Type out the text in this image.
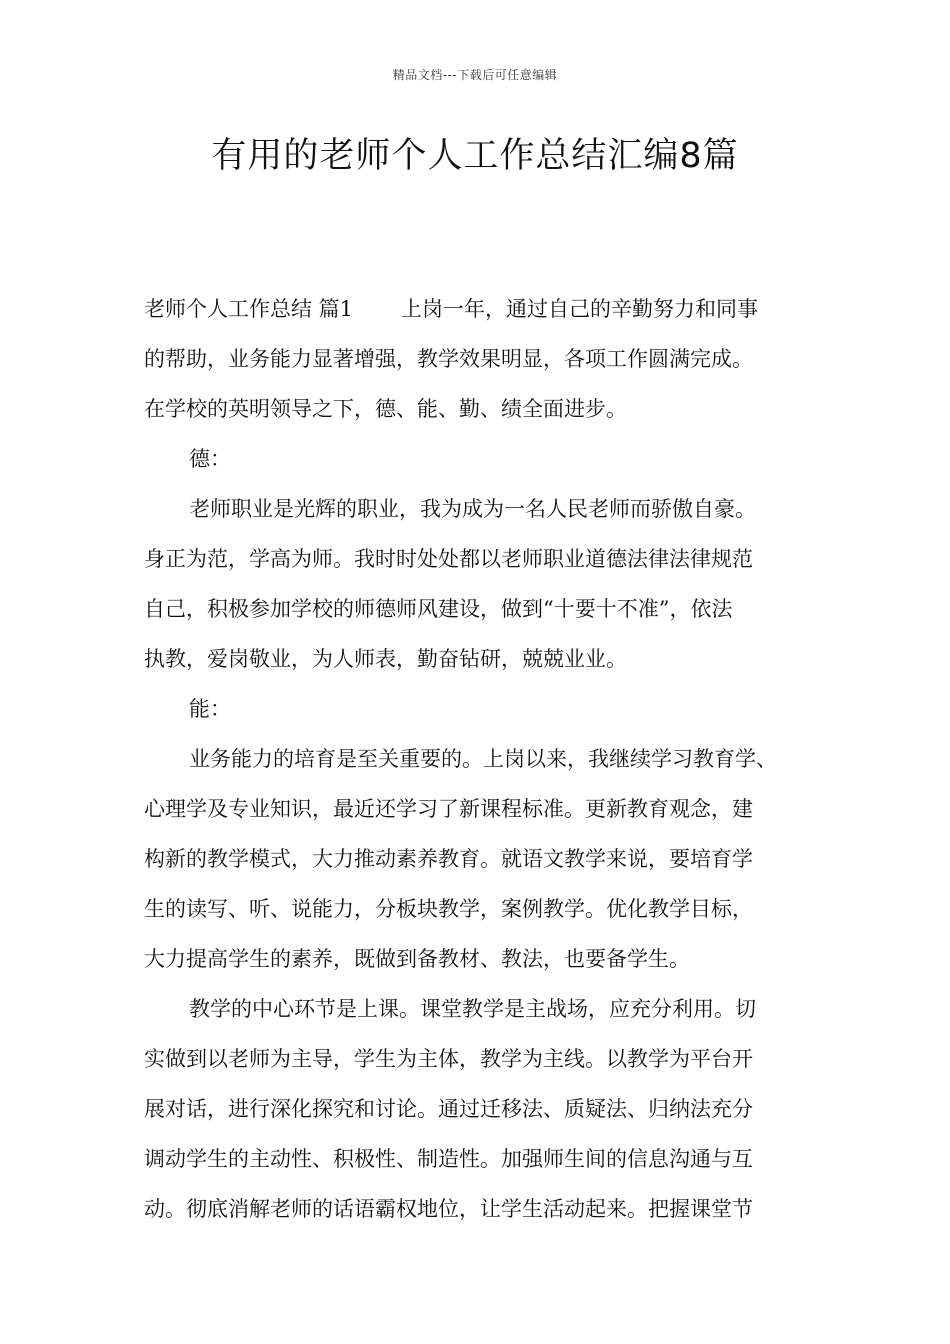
精品文档---下载后可任意编辑
有用的老师个人工作总结汇编8篇

老师个人工作总结 篇1 上岗一年，通过自己的辛勤努力和同事

的帮助，业务能力显著增强，教学效果明显，各项工作圆满完成。

在学校的英明领导之下，德、能、勤、绩全面进步。

德：

老师职业是光辉的职业，我为成为一名人民老师而骄傲自豪。

身正为范，学高为师。我时时处处都以老师职业道德法律法律规范

自己，积极参加学校的师德师风建设，做到“十要十不准”，依法

执教，爱岗敬业，为人师表，勤奋钻研，兢兢业业。

能：

业务能力的培育是至关重要的。上岗以来，我继续学习教育学、

心理学及专业知识，最近还学习了新课程标准。更新教育观念，建

构新的教学模式，大力推动素养教育。就语文教学来说，要培育学

生的读写、听、说能力，分板块教学，案例教学。优化教学目标，

大力提高学生的素养，既做到备教材、教法，也要备学生。

教学的中心环节是上课。课堂教学是主战场，应充分利用。切

实做到以老师为主导，学生为主体，教学为主线。以教学为平台开

展对话，进行深化探究和讨论。通过迁移法、质疑法、归纳法充分

调动学生的主动性、积极性、制造性。加强师生间的信息沟通与互

动。彻底消解老师的话语霸权地位，让学生活动起来。把握课堂节
